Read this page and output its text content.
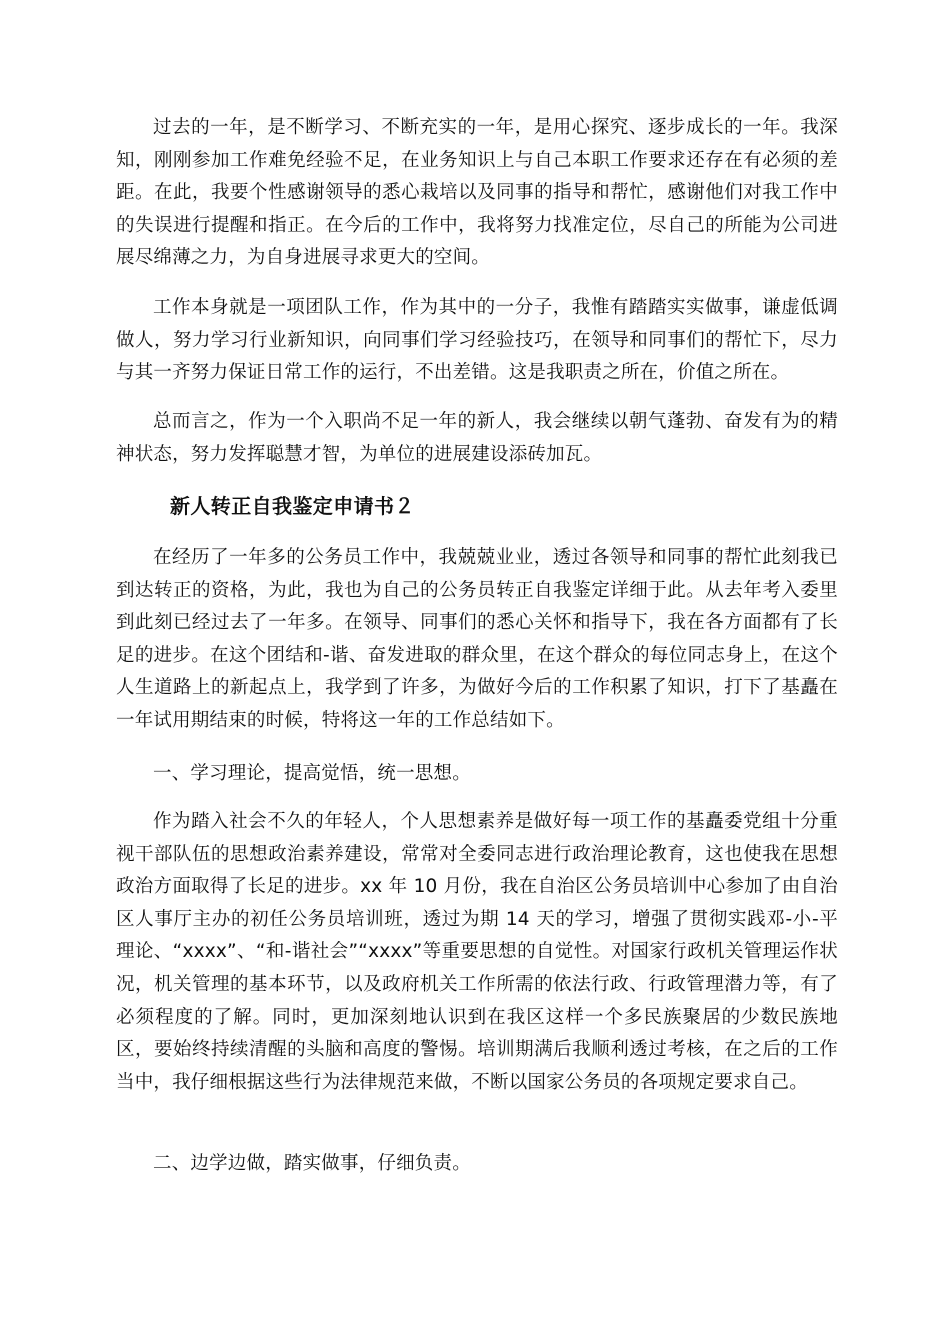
过去的一年，是不断学习、不断充实的一年，是用心探究、逐步成长的一年。我深知，刚刚参加工作难免经验不足，在业务知识上与自己本职工作要求还存在有必须的差距。在此，我要个性感谢领导的悉心栽培以及同事的指导和帮忙，感谢他们对我工作中的失误进行提醒和指正。在今后的工作中，我将努力找准定位，尽自己的所能为公司进展尽绵薄之力，为自身进展寻求更大的空间。

工作本身就是一项团队工作，作为其中的一分子，我惟有踏踏实实做事，谦虚低调做人，努力学习行业新知识，向同事们学习经验技巧，在领导和同事们的帮忙下，尽力与其一齐努力保证日常工作的运行，不出差错。这是我职责之所在，价值之所在。

总而言之，作为一个入职尚不足一年的新人，我会继续以朝气蓬勃、奋发有为的精神状态，努力发挥聪慧才智，为单位的进展建设添砖加瓦。

新人转正自我鉴定申请书２

在经历了一年多的公务员工作中，我兢兢业业，透过各领导和同事的帮忙此刻我已到达转正的资格，为此，我也为自己的公务员转正自我鉴定详细于此。从去年考入委里到此刻已经过去了一年多。在领导、同事们的悉心关怀和指导下，我在各方面都有了长足的进步。在这个团结和-谐、奋发进取的群众里，在这个群众的每位同志身上，在这个人生道路上的新起点上，我学到了许多，为做好今后的工作积累了知识，打下了基矗在一年试用期结束的时候，特将这一年的工作总结如下。

一、学习理论，提高觉悟，统一思想。

作为踏入社会不久的年轻人，个人思想素养是做好每一项工作的基矗委党组十分重视干部队伍的思想政治素养建设，常常对全委同志进行政治理论教育，这也使我在思想政治方面取得了长足的进步。xx 年 10 月份，我在自治区公务员培训中心参加了由自治区人事厅主办的初任公务员培训班，透过为期 14 天的学习，增强了贯彻实践邓-小-平理论、“xxxx”、“和-谐社会”“xxxx”等重要思想的自觉性。对国家行政机关管理运作状况，机关管理的基本环节，以及政府机关工作所需的依法行政、行政管理潜力等，有了必须程度的了解。同时，更加深刻地认识到在我区这样一个多民族聚居的少数民族地区，要始终持续清醒的头脑和高度的警惕。培训期满后我顺利透过考核，在之后的工作当中，我仔细根据这些行为法律规范来做，不断以国家公务员的各项规定要求自己。

二、边学边做，踏实做事，仔细负责。
